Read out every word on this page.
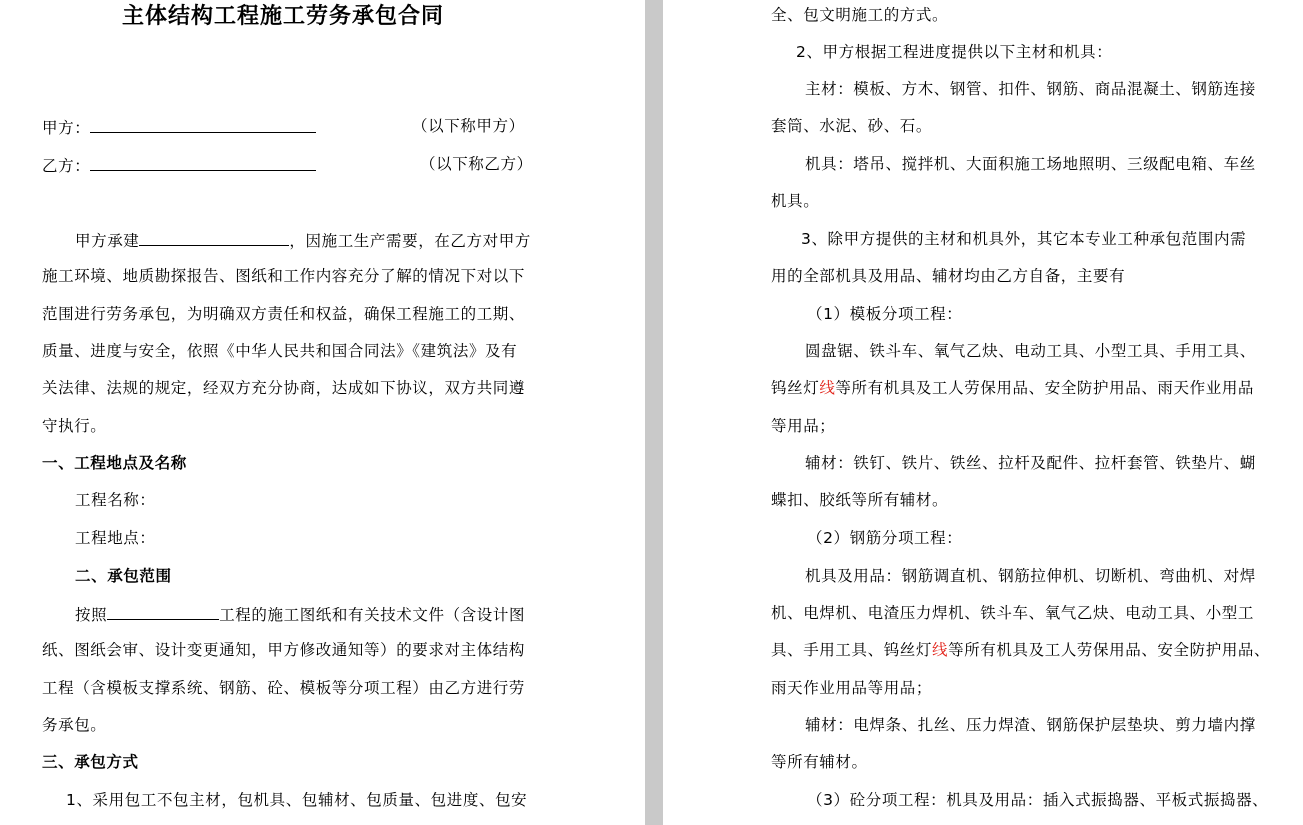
主体结构工程施工劳务承包合同
甲方：	（以下称甲方）
乙方：	（以下称乙方）
甲方承建	，因施工生产需要，在乙方对甲方
施工环境、地质勘探报告、图纸和工作内容充分了解的情况下对以下
范围进行劳务承包，为明确双方责任和权益，确保工程施工的工期、
质量、进度与安全，依照《中华人民共和国合同法》《建筑法》及有
关法律、法规的规定，经双方充分协商，达成如下协议，双方共同遵
守执行。
一、工程地点及名称
工程名称：
工程地点：
二、承包范围
按照	工程的施工图纸和有关技术文件（含设计图
纸、图纸会审、设计变更通知，甲方修改通知等）的要求对主体结构
工程（含模板支撑系统、钢筋、砼、模板等分项工程）由乙方进行劳
务承包。
三、承包方式
1、采用包工不包主材，包机具、包辅材、包质量、包进度、包安
全、包文明施工的方式。
2、甲方根据工程进度提供以下主材和机具：
主材：模板、方木、钢管、扣件、钢筋、商品混凝土、钢筋连接
套筒、水泥、砂、石。
机具：塔吊、搅拌机、大面积施工场地照明、三级配电箱、车丝
机具。
3、除甲方提供的主材和机具外，其它本专业工种承包范围内需
用的全部机具及用品、辅材均由乙方自备，主要有
（1）模板分项工程：
圆盘锯、铁斗车、氧气乙炔、电动工具、小型工具、手用工具、
钨丝灯线等所有机具及工人劳保用品、安全防护用品、雨天作业用品
等用品；
辅材：铁钉、铁片、铁丝、拉杆及配件、拉杆套管、铁垫片、蝴
蝶扣、胶纸等所有辅材。
（2）钢筋分项工程：
机具及用品：钢筋调直机、钢筋拉伸机、切断机、弯曲机、对焊
机、电焊机、电渣压力焊机、铁斗车、氧气乙炔、电动工具、小型工
具、手用工具、钨丝灯线等所有机具及工人劳保用品、安全防护用品、
雨天作业用品等用品；
辅材：电焊条、扎丝、压力焊渣、钢筋保护层垫块、剪力墙内撑
等所有辅材。
（3）砼分项工程：机具及用品：插入式振捣器、平板式振捣器、
